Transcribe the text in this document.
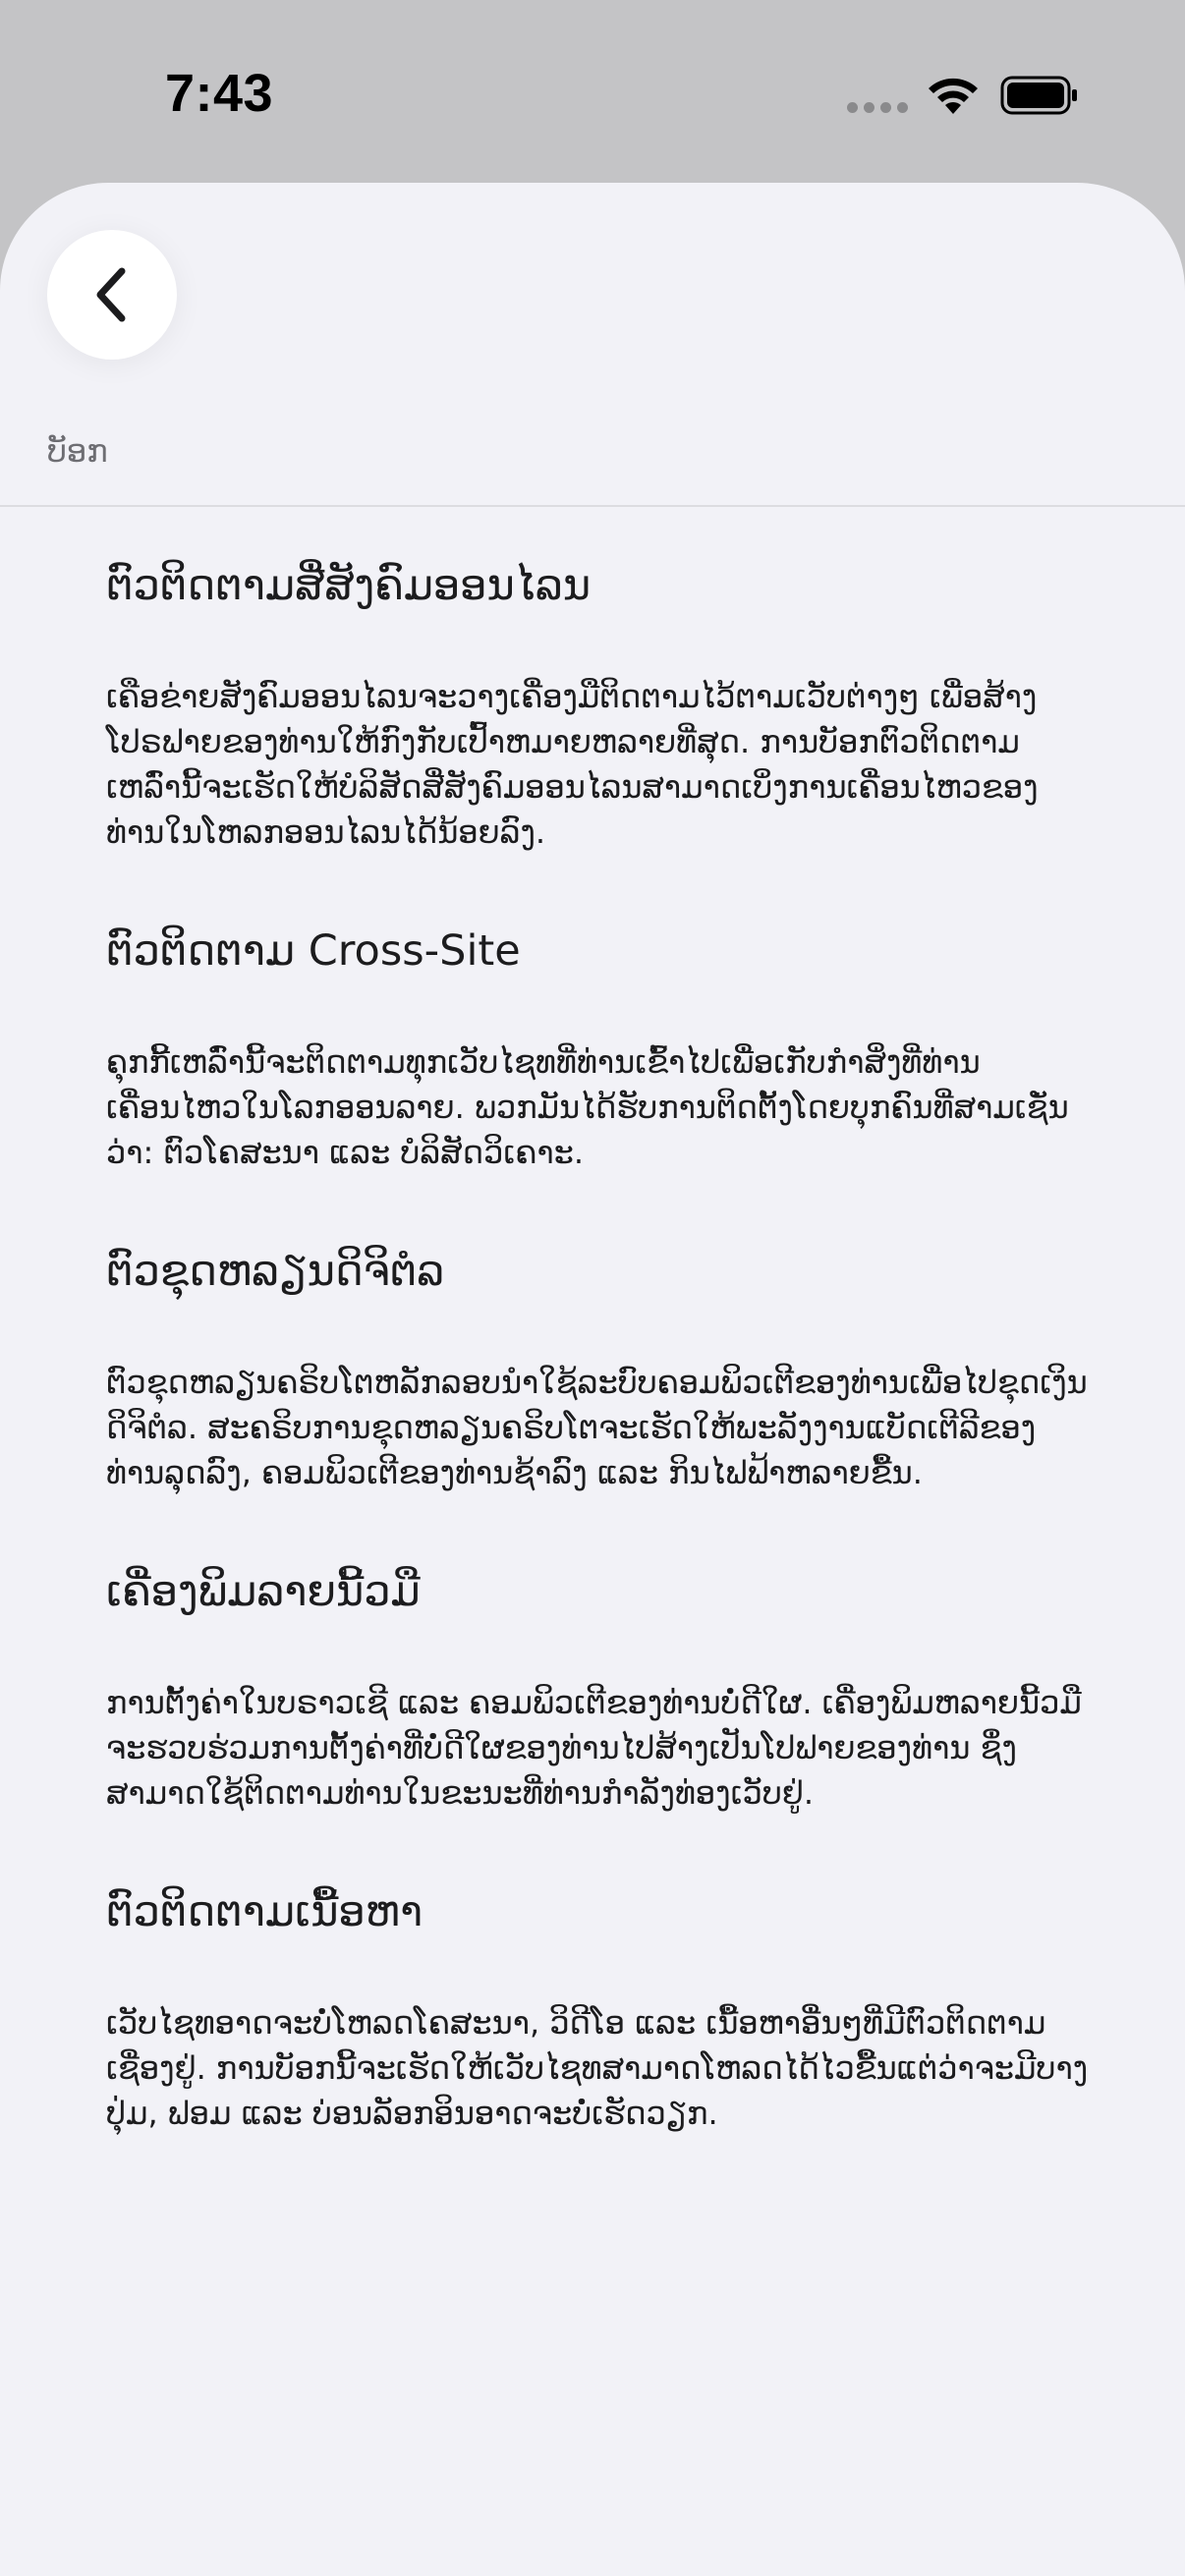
7:43
ບັອກ
ຕົວຕິດຕາມສື່ສັງຄົມອອນໄລນ

ເຄືອຂ່າຍສັງຄົມອອນໄລນຈະວາງເຄື່ອງມືຕິດຕາມໄວ້ຕາມເວັບຕ່າງໆ ເພື່ອສ້າງໂປຣຟາຍຂອງທ່ານໃຫ້ກົງກັບເປົ້າຫມາຍຫລາຍທີ່ສຸດ. ການບັອກຕົວຕິດຕາມເຫລົ່ານີ້ຈະເຮັດໃຫ້ບໍລິສັດສື່ສັງຄົມອອນໄລນສາມາດເບິ່ງການເຄື່ອນໄຫວຂອງທ່ານໃນໂຫລກອອນໄລນໄດ້ນ້ອຍລົງ.

ຕົວຕິດຕາມ Cross-Site

ຄຸກກີ້ເຫລົ່ານີ້ຈະຕິດຕາມທຸກເວັບໄຊທທີ່ທ່ານເຂົ້າໄປເພື່ອເກັບກຳສິ່ງທີ່ທ່ານເຄື່ອນໄຫວໃນໂລກອອນລາຍ. ພວກມັນໄດ້ຮັບການຕິດຕັ້ງໂດຍບຸກຄົນທີ່ສາມເຊັ່ນວ່າ: ຕົວໂຄສະນາ ແລະ ບໍລິສັດວິເຄາະ.

ຕົວຂຸດຫລຽນດິຈິຕໍລ

ຕົວຂຸດຫລຽນຄຣິບໂຕຫລັກລອບນຳໃຊ້ລະບົບຄອມພິວເຕີຂອງທ່ານເພື່ອໄປຂຸດເງິນດິຈິຕໍລ. ສະຄຣິບການຂຸດຫລຽນຄຣິບໂຕຈະເຮັດໃຫ້ພະລັງງານແບັດເຕີລີຂອງທ່ານລຸດລົງ, ຄອມພິວເຕີຂອງທ່ານຊ້າລົງ ແລະ ກິນໄຟຟ້າຫລາຍຂື້ນ.

ເຄື່ອງພິມລາຍນີ້ວມື

ການຕັ້ງຄ່າໃນບຣາວເຊີ ແລະ ຄອມພິວເຕີຂອງທ່ານບໍ່ດີໃຜ. ເຄື່ອງພິມຫລາຍນີ້ວມືຈະຮວບຮ່ວມການຕັ້ງຄ່າທີ່ບໍ່ດີໃຜຂອງທ່ານໄປສ້າງເປັນໂປຟາຍຂອງທ່ານ ຊຶ່ງສາມາດໃຊ້ຕິດຕາມທ່ານໃນຂະນະທີ່ທ່ານກຳລັງທ່ອງເວັບຢູ່.

ຕົວຕິດຕາມເນື້ອຫາ

ເວັບໄຊທອາດຈະບໍ່ໂຫລດໂຄສະນາ, ວິດີໂອ ແລະ ເນື້ອຫາອື່ນໆທີ່ມີຕົວຕິດຕາມເຊື່ອງຢູ່. ການບັອກນີ້ຈະເຮັດໃຫ້ເວັບໄຊທສາມາດໂຫລດໄດ້ໄວຂື້ນແຕ່ວ່າຈະມີບາງປຸ່ມ, ຟອມ ແລະ ບ່ອນລັອກອິນອາດຈະບໍ່ເຮັດວຽກ.
